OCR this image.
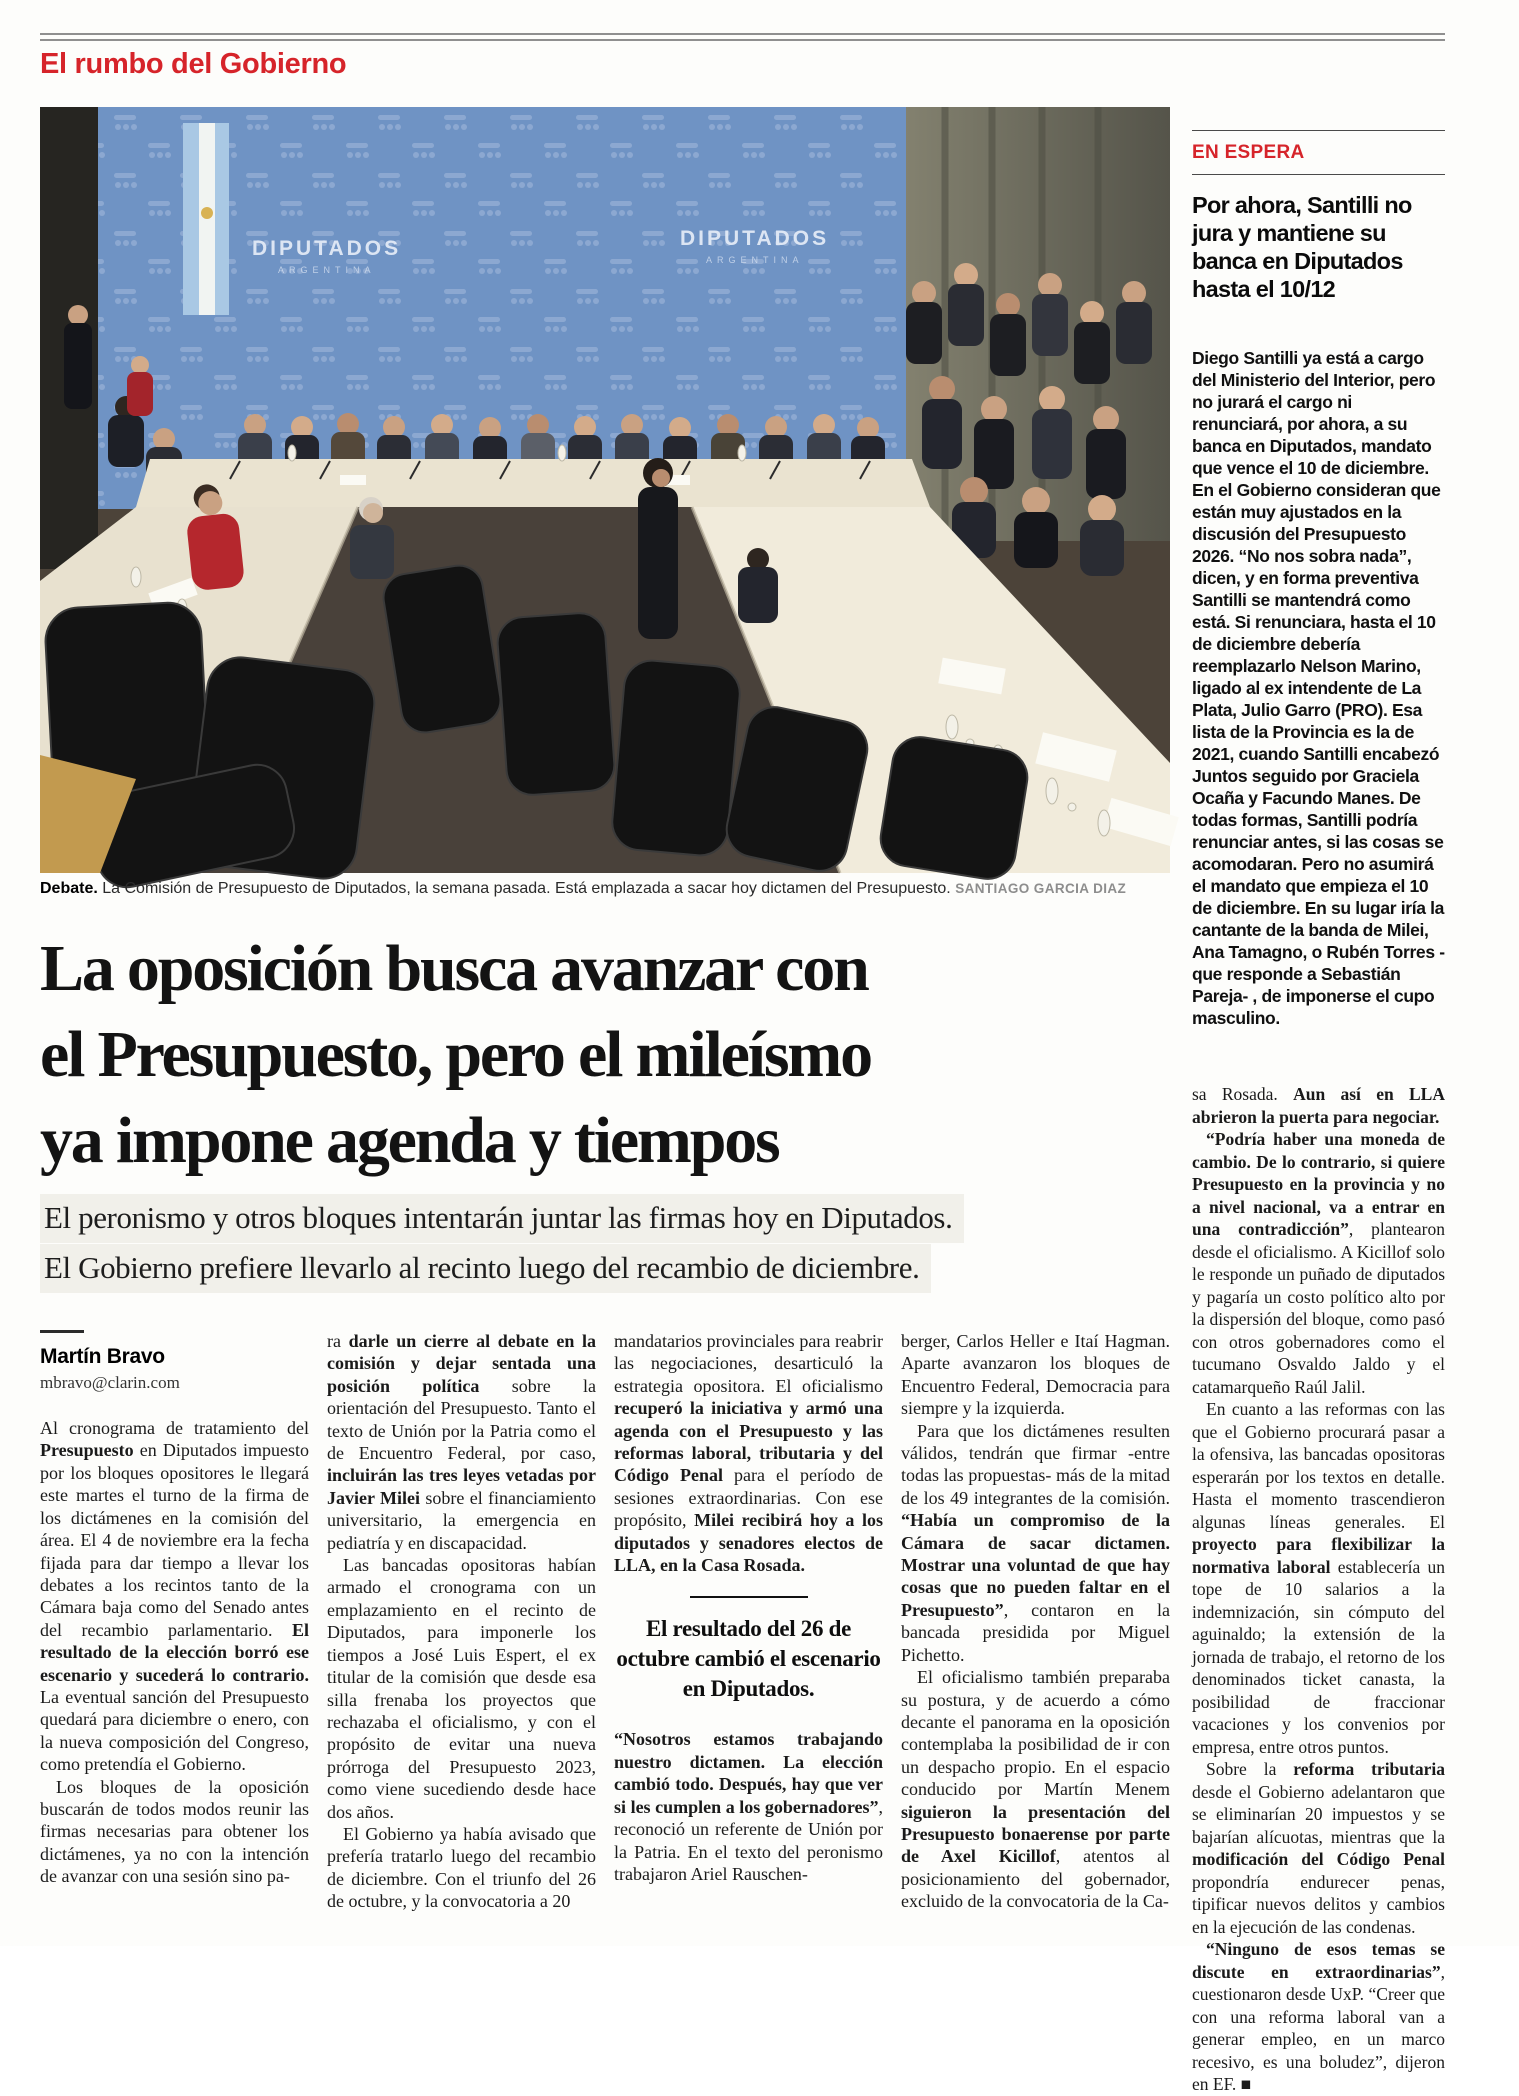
El rumbo del Gobierno
DIPUTADOS
ARGENTINA
DIPUTADOS
ARGENTINA
Debate. La Comisión de Presupuesto de Diputados, la semana pasada. Está emplazada a sacar hoy dictamen del Presupuesto. SANTIAGO GARCIA DIAZ
La oposición busca avanzar con
el Presupuesto, pero el mileísmo
ya impone agenda y tiempos
El peronismo y otros bloques intentarán juntar las firmas hoy en Diputados.
El Gobierno prefiere llevarlo al recinto luego del recambio de diciembre.
Martín Bravo
mbravo@clarin.com

Al cronograma de tratamiento del Presupuesto en Diputados impuesto por los bloques opositores le llegará este martes el turno de la firma de los dictámenes en la comisión del área. El 4 de noviembre era la fecha fijada para dar tiempo a llevar los debates a los recintos tanto de la Cámara baja como del Senado antes del recambio parlamentario. El resultado de la elección borró ese escenario y sucederá lo contrario. La eventual sanción del Presupuesto quedará para diciembre o enero, con la nueva composición del Congreso, como pretendía el Gobierno.

Los bloques de la oposición buscarán de todos modos reunir las firmas necesarias para obtener los dictámenes, ya no con la intención de avanzar con una sesión sino pa-

ra darle un cierre al debate en la comisión y dejar sentada una posición política sobre la orientación del Presupuesto. Tanto el texto de Unión por la Patria como el de Encuentro Federal, por caso, incluirán las tres leyes vetadas por Javier Milei sobre el financiamiento universitario, la emergencia en pediatría y en discapacidad.

Las bancadas opositoras habían armado el cronograma con un emplazamiento en el recinto de Diputados, para imponerle los tiempos a José Luis Espert, el ex titular de la comisión que desde esa silla frenaba los proyectos que rechazaba el oficialismo, y con el propósito de evitar una nueva prórroga del Presupuesto 2023, como viene sucediendo desde hace dos años.

El Gobierno ya había avisado que prefería tratarlo luego del recambio de diciembre. Con el triunfo del 26 de octubre, y la convocatoria a 20

mandatarios provinciales para reabrir las negociaciones, desarticuló la estrategia opositora. El oficialismo recuperó la iniciativa y armó una agenda con el Presupuesto y las reformas laboral, tributaria y del Código Penal para el período de sesiones extraordinarias. Con ese propósito, Milei recibirá hoy a los diputados y senadores electos de LLA, en la Casa Rosada.

El resultado del 26 de octubre cambió el escenario en Diputados.

“Nosotros estamos trabajando nuestro dictamen. La elección cambió todo. Después, hay que ver si les cumplen a los gobernadores”, reconoció un referente de Unión por la Patria. En el texto del peronismo trabajaron Ariel Rauschen-

berger, Carlos Heller e Itaí Hagman. Aparte avanzaron los bloques de Encuentro Federal, Democracia para siempre y la izquierda.

Para que los dictámenes resulten válidos, tendrán que firmar -entre todas las propuestas- más de la mitad de los 49 integrantes de la comisión. “Había un compromiso de la Cámara de sacar dictamen. Mostrar una voluntad de que hay cosas que no pueden faltar en el Presupuesto”, contaron en la bancada presidida por Miguel Pichetto.

El oficialismo también preparaba su postura, y de acuerdo a cómo decante el panorama en la oposición contemplaba la posibilidad de ir con un despacho propio. En el espacio conducido por Martín Menem siguieron la presentación del Presupuesto bonaerense por parte de Axel Kicillof, atentos al posicionamiento del gobernador, excluido de la convocatoria de la Ca-

EN ESPERA
Por ahora, Santilli no jura y mantiene su banca en Diputados hasta el 10/12

Diego Santilli ya está a cargo del Ministerio del Interior, pero no jurará el cargo ni renunciará, por ahora, a su banca en Diputados, mandato que vence el 10 de diciembre. En el Gobierno consideran que están muy ajustados en la discusión del Presupuesto 2026. “No nos sobra nada”, dicen, y en forma preventiva Santilli se mantendrá como está. Si renunciara, hasta el 10 de diciembre debería reemplazarlo Nelson Marino, ligado al ex intendente de La Plata, Julio Garro (PRO). Esa lista de la Provincia es la de 2021, cuando Santilli encabezó Juntos seguido por Graciela Ocaña y Facundo Manes. De todas formas, Santilli podría renunciar antes, si las cosas se acomodaran. Pero no asumirá el mandato que empieza el 10 de diciembre. En su lugar iría la cantante de la banda de Milei, Ana Tamagno, o Rubén Torres - que responde a Sebastián Pareja- , de imponerse el cupo masculino.

sa Rosada. Aun así en LLA abrieron la puerta para negociar.

“Podría haber una moneda de cambio. De lo contrario, si quiere Presupuesto en la provincia y no a nivel nacional, va a entrar en una contradicción”, plantearon desde el oficialismo. A Kicillof solo le responde un puñado de diputados y pagaría un costo político alto por la dispersión del bloque, como pasó con otros gobernadores como el tucumano Osvaldo Jaldo y el catamarqueño Raúl Jalil.

En cuanto a las reformas con las que el Gobierno procurará pasar a la ofensiva, las bancadas opositoras esperarán por los textos en detalle. Hasta el momento trascendieron algunas líneas generales. El proyecto para flexibilizar la normativa laboral establecería un tope de 10 salarios a la indemnización, sin cómputo del aguinaldo; la extensión de la jornada de trabajo, el retorno de los denominados ticket canasta, la posibilidad de fraccionar vacaciones y los convenios por empresa, entre otros puntos.

Sobre la reforma tributaria desde el Gobierno adelantaron que se eliminarían 20 impuestos y se bajarían alícuotas, mientras que la modificación del Código Penal propondría endurecer penas, tipificar nuevos delitos y cambios en la ejecución de las condenas.

“Ninguno de esos temas se discute en extraordinarias”, cuestionaron desde UxP. “Creer que con una reforma laboral van a generar empleo, en un marco recesivo, es una boludez”, dijeron en EF. ■
